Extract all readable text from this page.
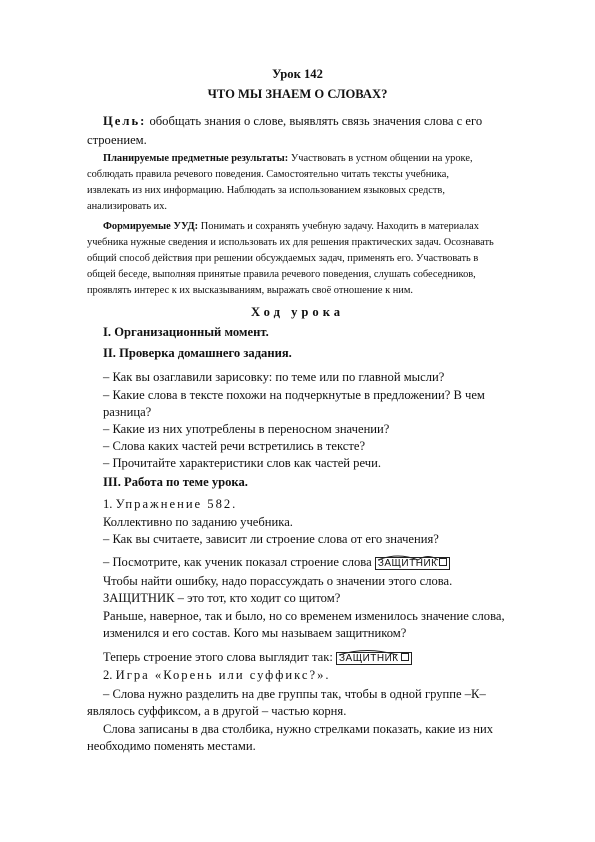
Урок 142
ЧТО МЫ ЗНАЕМ О СЛОВАХ?
Цель: обобщать знания о слове, выявлять связь значения слова с его
строением.
Планируемые предметные результаты: Участвовать в устном общении на уроке,
соблюдать правила речевого поведения. Самостоятельно читать тексты учебника,
извлекать из них информацию. Наблюдать за использованием языковых средств,
анализировать их.
Формируемые УУД: Понимать и сохранять учебную задачу. Находить в материалах
учебника нужные сведения и использовать их для решения практических задач. Осознавать
общий способ действия при решении обсуждаемых задач, применять его. Участвовать в
общей беседе, выполняя принятые правила речевого поведения, слушать собеседников,
проявлять интерес к их высказываниям, выражать своё отношение к ним.
Ход урока
I. Организационный момент.
II. Проверка домашнего задания.
– Как вы озаглавили зарисовку: по теме или по главной мысли?
– Какие слова в тексте похожи на подчеркнутые в предложении? В чем
разница?
– Какие из них употреблены в переносном значении?
– Слова каких частей речи встретились в тексте?
– Прочитайте характеристики слов как частей речи.
III. Работа по теме урока.
1. Упражнение 582.
Коллективно по заданию учебника.
– Как вы считаете, зависит ли строение слова от его значения?
– Посмотрите, как ученик показал строение слова ЗАЩИТНИК
Чтобы найти ошибку, надо порассуждать о значении этого слова.
ЗАЩИТНИК – это тот, кто ходит со щитом?
Раньше, наверное, так и было, но со временем изменилось значение слова,
изменился и его состав. Кого мы называем защитником?
Теперь строение этого слова выглядит так: ЗАЩИТНИК
2. Игра «Корень или суффикс?».
– Слова нужно разделить на две группы так, чтобы в одной группе –К–
являлось суффиксом, а в другой – частью корня.
Слова записаны в два столбика, нужно стрелками показать, какие из них
необходимо поменять местами.
